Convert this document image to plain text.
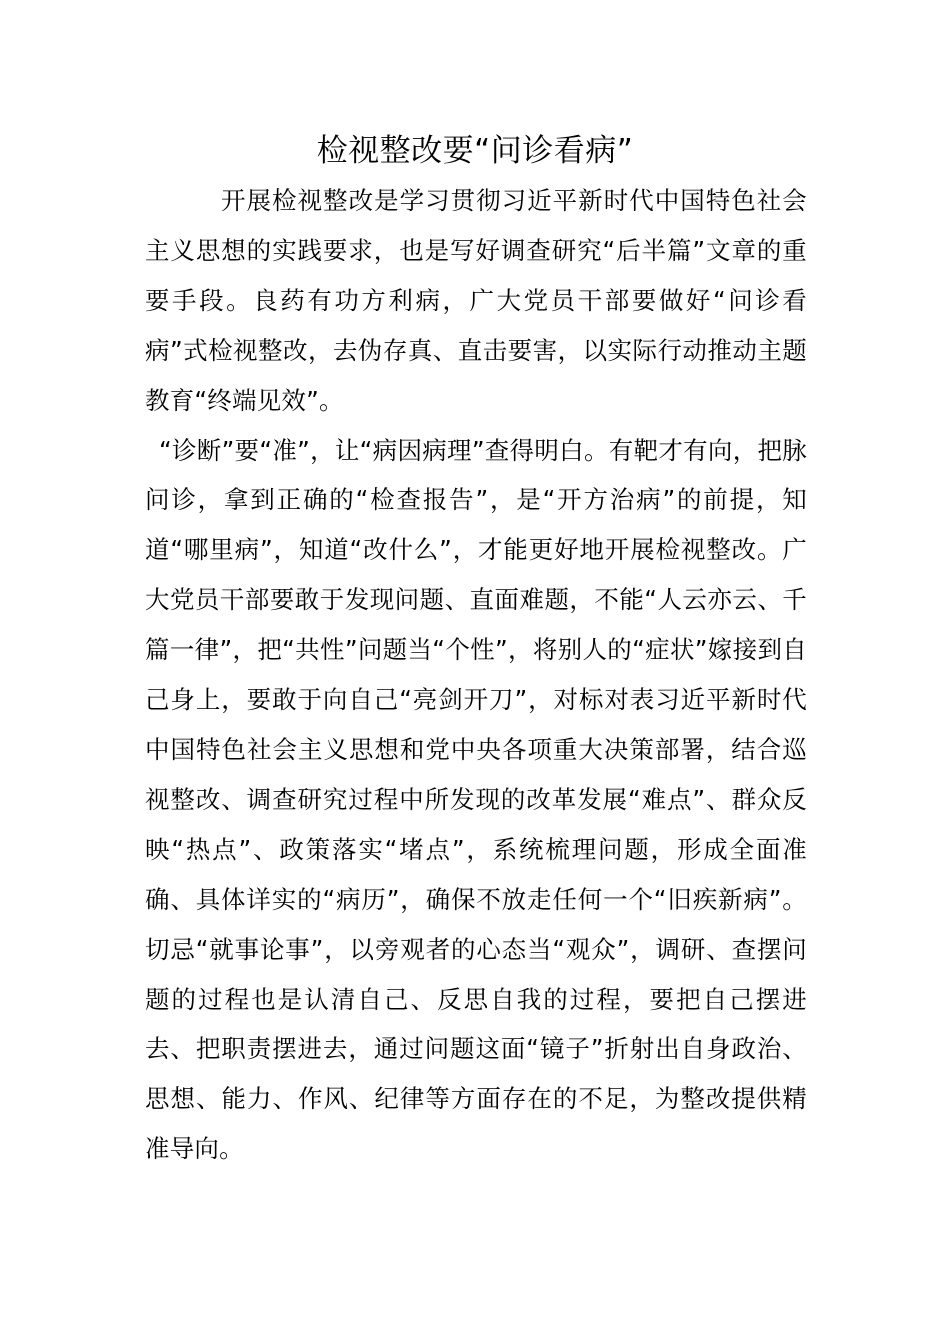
检视整改要“问诊看病”

开展检视整改是学习贯彻习近平新时代中国特色社会主义思想的实践要求，也是写好调查研究“后半篇”文章的重要手段。良药有功方利病，广大党员干部要做好“问诊看病”式检视整改，去伪存真、直击要害，以实际行动推动主题教育“终端见效”。

“诊断”要“准”，让“病因病理”查得明白。有靶才有向，把脉问诊，拿到正确的“检查报告”，是“开方治病”的前提，知道“哪里病”，知道“改什么”，才能更好地开展检视整改。广大党员干部要敢于发现问题、直面难题，不能“人云亦云、千篇一律”，把“共性”问题当“个性”，将别人的“症状”嫁接到自己身上，要敢于向自己“亮剑开刀”，对标对表习近平新时代中国特色社会主义思想和党中央各项重大决策部署，结合巡视整改、调查研究过程中所发现的改革发展“难点”、群众反映“热点”、政策落实“堵点”，系统梳理问题，形成全面准确、具体详实的“病历”，确保不放走任何一个“旧疾新病”。切忌“就事论事”，以旁观者的心态当“观众”，调研、查摆问题的过程也是认清自己、反思自我的过程，要把自己摆进去、把职责摆进去，通过问题这面“镜子”折射出自身政治、思想、能力、作风、纪律等方面存在的不足，为整改提供精准导向。
